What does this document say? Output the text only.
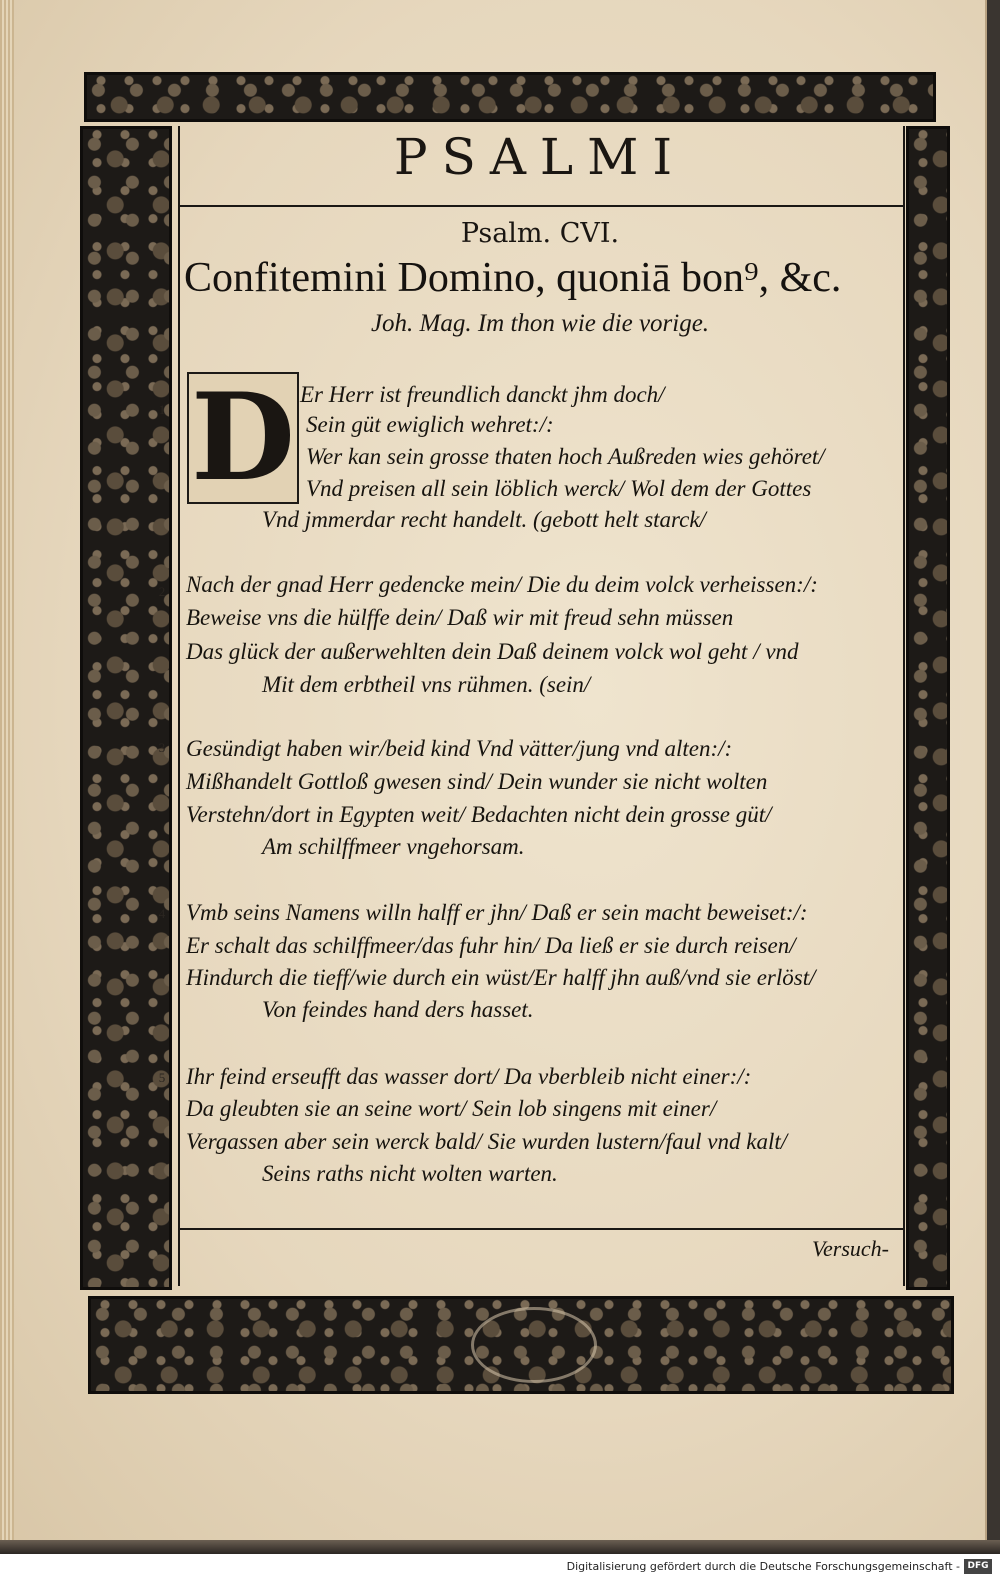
PSALMI
Psalm. CVI.
Confitemini Domino, quoniā bon⁹, &c.
Joh. Mag. Im thon wie die vorige.
1 D Er Herr ist freundlich danckt jhm doch/
Sein güt ewiglich wehret:/:
Wer kan sein grosse thaten hoch Außreden wies gehöret/
Vnd preisen all sein löblich werck/ Wol dem der Gottes
Vnd jmmerdar recht handelt. (gebott helt starck/
2 Nach der gnad Herr gedencke mein/ Die du deim volck verheissen:/:
Beweise vns die hülffe dein/ Daß wir mit freud sehn müssen
Das glück der außerwehlten dein Daß deinem volck wol geht / vnd
Mit dem erbtheil vns rühmen. (sein/
3 Gesündigt haben wir/beid kind Vnd vätter/jung vnd alten:/:
Mißhandelt Gottloß gwesen sind/ Dein wunder sie nicht wolten
Verstehn/dort in Egypten weit/ Bedachten nicht dein grosse güt/
Am schilffmeer vngehorsam.
4 Vmb seins Namens willn halff er jhn/ Daß er sein macht beweiset:/:
Er schalt das schilffmeer/das fuhr hin/ Da ließ er sie durch reisen/
Hindurch die tieff/wie durch ein wüst/Er halff jhn auß/vnd sie erlöst/
Von feindes hand ders hasset.
5 Ihr feind erseufft das wasser dort/ Da vberbleib nicht einer:/:
Da gleubten sie an seine wort/ Sein lob singens mit einer/
Vergassen aber sein werck bald/ Sie wurden lustern/faul vnd kalt/
Seins raths nicht wolten warten.
Versuch-
Digitalisierung gefördert durch die Deutsche Forschungsgemeinschaft - DFG
